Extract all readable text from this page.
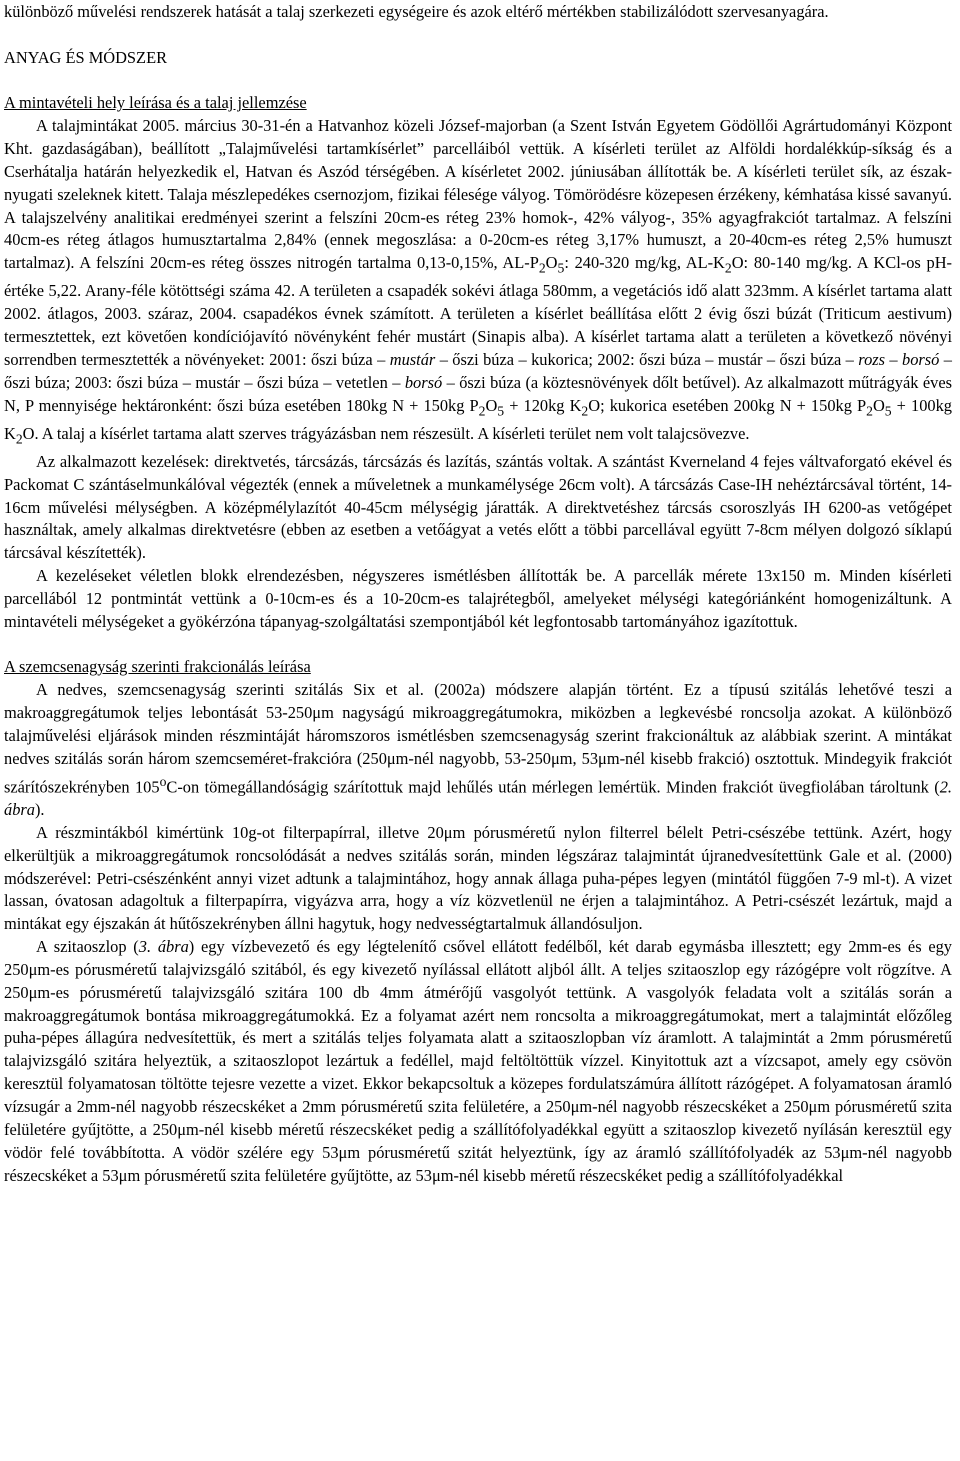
különböző művelési rendszerek hatását a talaj szerkezeti egységeire és azok eltérő mértékben stabilizálódott szervesanyagára.

ANYAG ÉS MÓDSZER

A mintavételi hely leírása és a talaj jellemzése

A talajmintákat 2005. március 30-31-én a Hatvanhoz közeli József-majorban (a Szent István Egyetem Gödöllői Agrártudományi Központ Kht. gazdaságában), beállított „Talajművelési tartamkísérlet” parcelláiból vettük. A kísérleti terület az Alföldi hordalékkúp-síkság és a Cserhátalja határán helyezkedik el, Hatvan és Aszód térségében. A kísérletet 2002. júniusában állították be. A kísérleti terület sík, az észak-nyugati szeleknek kitett. Talaja mészlepedékes csernozjom, fizikai félesége vályog. Tömörödésre közepesen érzékeny, kémhatása kissé savanyú. A talajszelvény analitikai eredményei szerint a felszíni 20cm-es réteg 23% homok-, 42% vályog-, 35% agyagfrakciót tartalmaz. A felszíni 40cm-es réteg átlagos humusztartalma 2,84% (ennek megoszlása: a 0-20cm-es réteg 3,17% humuszt, a 20-40cm-es réteg 2,5% humuszt tartalmaz). A felszíni 20cm-es réteg összes nitrogén tartalma 0,13-0,15%, $AL-P_2O_5$: 240-320 mg/kg, $AL-K_2O$: 80-140 mg/kg. A KCl-os pH-értéke 5,22. Arany-féle kötöttségi száma 42. A területen a csapadék sokévi átlaga 580mm, a vegetációs idő alatt 323mm. A kísérlet tartama alatt 2002. átlagos, 2003. száraz, 2004. csapadékos évnek számított. A területen a kísérlet beállítása előtt 2 évig őszi búzát (Triticum aestivum) termesztettek, ezt követően kondíciójavító növényként fehér mustárt (Sinapis alba). A kísérlet tartama alatt a területen a következő növényi sorrendben termesztették a növényeket: 2001: őszi búza – mustár – őszi búza – kukorica; 2002: őszi búza – mustár – őszi búza – rozs – borsó – őszi búza; 2003: őszi búza – mustár – őszi búza – vetetlen – borsó – őszi búza (a köztesnövények dőlt betűvel). Az alkalmazott műtrágyák éves N, P mennyisége hektáronként: őszi búza esetében 180kg N + 150kg $P_2O_5 + 120kg$ $K_2O$; kukorica esetében 200kg N + 150kg $P_2O_5 + 100kg$ $K_2O$. A talaj a kísérlet tartama alatt szerves trágyázásban nem részesült. A kísérleti terület nem volt talajcsövezve.

Az alkalmazott kezelések: direktvetés, tárcsázás, tárcsázás és lazítás, szántás voltak. A szántást Kverneland 4 fejes váltvaforgató ekével és Packomat C szántáselmunkálóval végezték (ennek a műveletnek a munkamélysége 26cm volt). A tárcsázás Case-IH nehéztárcsával történt, 14-16cm művelési mélységben. A középmélylazítót 40-45cm mélységig járatták. A direktvetéshez tárcsás csoroszlyás IH 6200-as vetőgépet használtak, amely alkalmas direktvetésre (ebben az esetben a vetőágyat a vetés előtt a többi parcellával együtt 7-8cm mélyen dolgozó síklapú tárcsával készítették).

A kezeléseket véletlen blokk elrendezésben, négyszeres ismétlésben állították be. A parcellák mérete 13x150 m. Minden kísérleti parcellából 12 pontmintát vettünk a 0-10cm-es és a 10-20cm-es talajrétegből, amelyeket mélységi kategóriánként homogenizáltunk. A mintavételi mélységeket a gyökérzóna tápanyag-szolgáltatási szempontjából két legfontosabb tartományához igazítottuk.

A szemcsenagyság szerinti frakcionálás leírása

A nedves, szemcsenagyság szerinti szitálás Six et al. (2002a) módszere alapján történt. Ez a típusú szitálás lehetővé teszi a makroaggregátumok teljes lebontását 53-250μm nagyságú mikroaggregátumokra, miközben a legkevésbé roncsolja azokat. A különböző talajművelési eljárások minden részmintáját háromszoros ismétlésben szemcsenagyság szerint frakcionáltuk az alábbiak szerint. A mintákat nedves szitálás során három szemcseméret-frakcióra (250μm-nél nagyobb, 53-250μm, 53μm-nél kisebb frakció) osztottuk. Mindegyik frakciót szárítószekrényben 105$^o$C-on tömegállandóságig szárítottuk majd lehűlés után mérlegen lemértük. Minden frakciót üvegfiolában tároltunk (2. ábra).

A részmintákból kimértünk 10g-ot filterpapírral, illetve 20μm pórusméretű nylon filterrel bélelt Petri-csészébe tettünk. Azért, hogy elkerültjük a mikroaggregátumok roncsolódását a nedves szitálás során, minden légszáraz talajmintát újranedvesítettünk Gale et al. (2000) módszerével: Petri-csészénként annyi vizet adtunk a talajmintához, hogy annak állaga puha-pépes legyen (mintától függően 7-9 ml-t). A vizet lassan, óvatosan adagoltuk a filterpapírra, vigyázva arra, hogy a víz közvetlenül ne érjen a talajmintához. A Petri-csészét lezártuk, majd a mintákat egy éjszakán át hűtőszekrényben állni hagytuk, hogy nedvességtartalmuk állandósuljon.

A szitaoszlop (3. ábra) egy vízbevezető és egy légtelenítő csővel ellátott fedélből, két darab egymásba illesztett; egy 2mm-es és egy 250μm-es pórusméretű talajvizsgáló szitából, és egy kivezető nyílással ellátott aljból állt. A teljes szitaoszlop egy rázógépre volt rögzítve. A 250μm-es pórusméretű talajvizsgáló szitára 100 db 4mm átmérőjű vasgolyót tettünk. A vasgolyók feladata volt a szitálás során a makroaggregátumok bontása mikroaggregátumokká. Ez a folyamat azért nem roncsolta a mikroaggregátumokat, mert a talajmintát előzőleg puha-pépes állagúra nedvesítettük, és mert a szitálás teljes folyamata alatt a szitaoszlopban víz áramlott. A talajmintát a 2mm pórusméretű talajvizsgáló szitára helyeztük, a szitaoszlopot lezártuk a fedéllel, majd feltöltöttük vízzel. Kinyitottuk azt a vízcsapot, amely egy csövön keresztül folyamatosan töltötte tejesre vezette a vizet. Ekkor bekapcsoltuk a közepes fordulatszámúra állított rázógépet. A folyamatosan áramló vízsugár a 2mm-nél nagyobb részecskéket a 2mm pórusméretű szita felületére, a 250μm-nél nagyobb részecskéket a 250μm pórusméretű szita felületére gyűjtötte, a 250μm-nél kisebb méretű részecskéket pedig a szállítófolyadékkal együtt a szitaoszlop kivezető nyílásán keresztül egy vödör felé továbbította. A vödör szélére egy 53μm pórusméretű szitát helyeztünk, így az áramló szállítófolyadék az 53μm-nél nagyobb részecskéket a 53μm pórusméretű szita felületére gyűjtötte, az 53μm-nél kisebb méretű részecskéket pedig a szállítófolyadékkal
